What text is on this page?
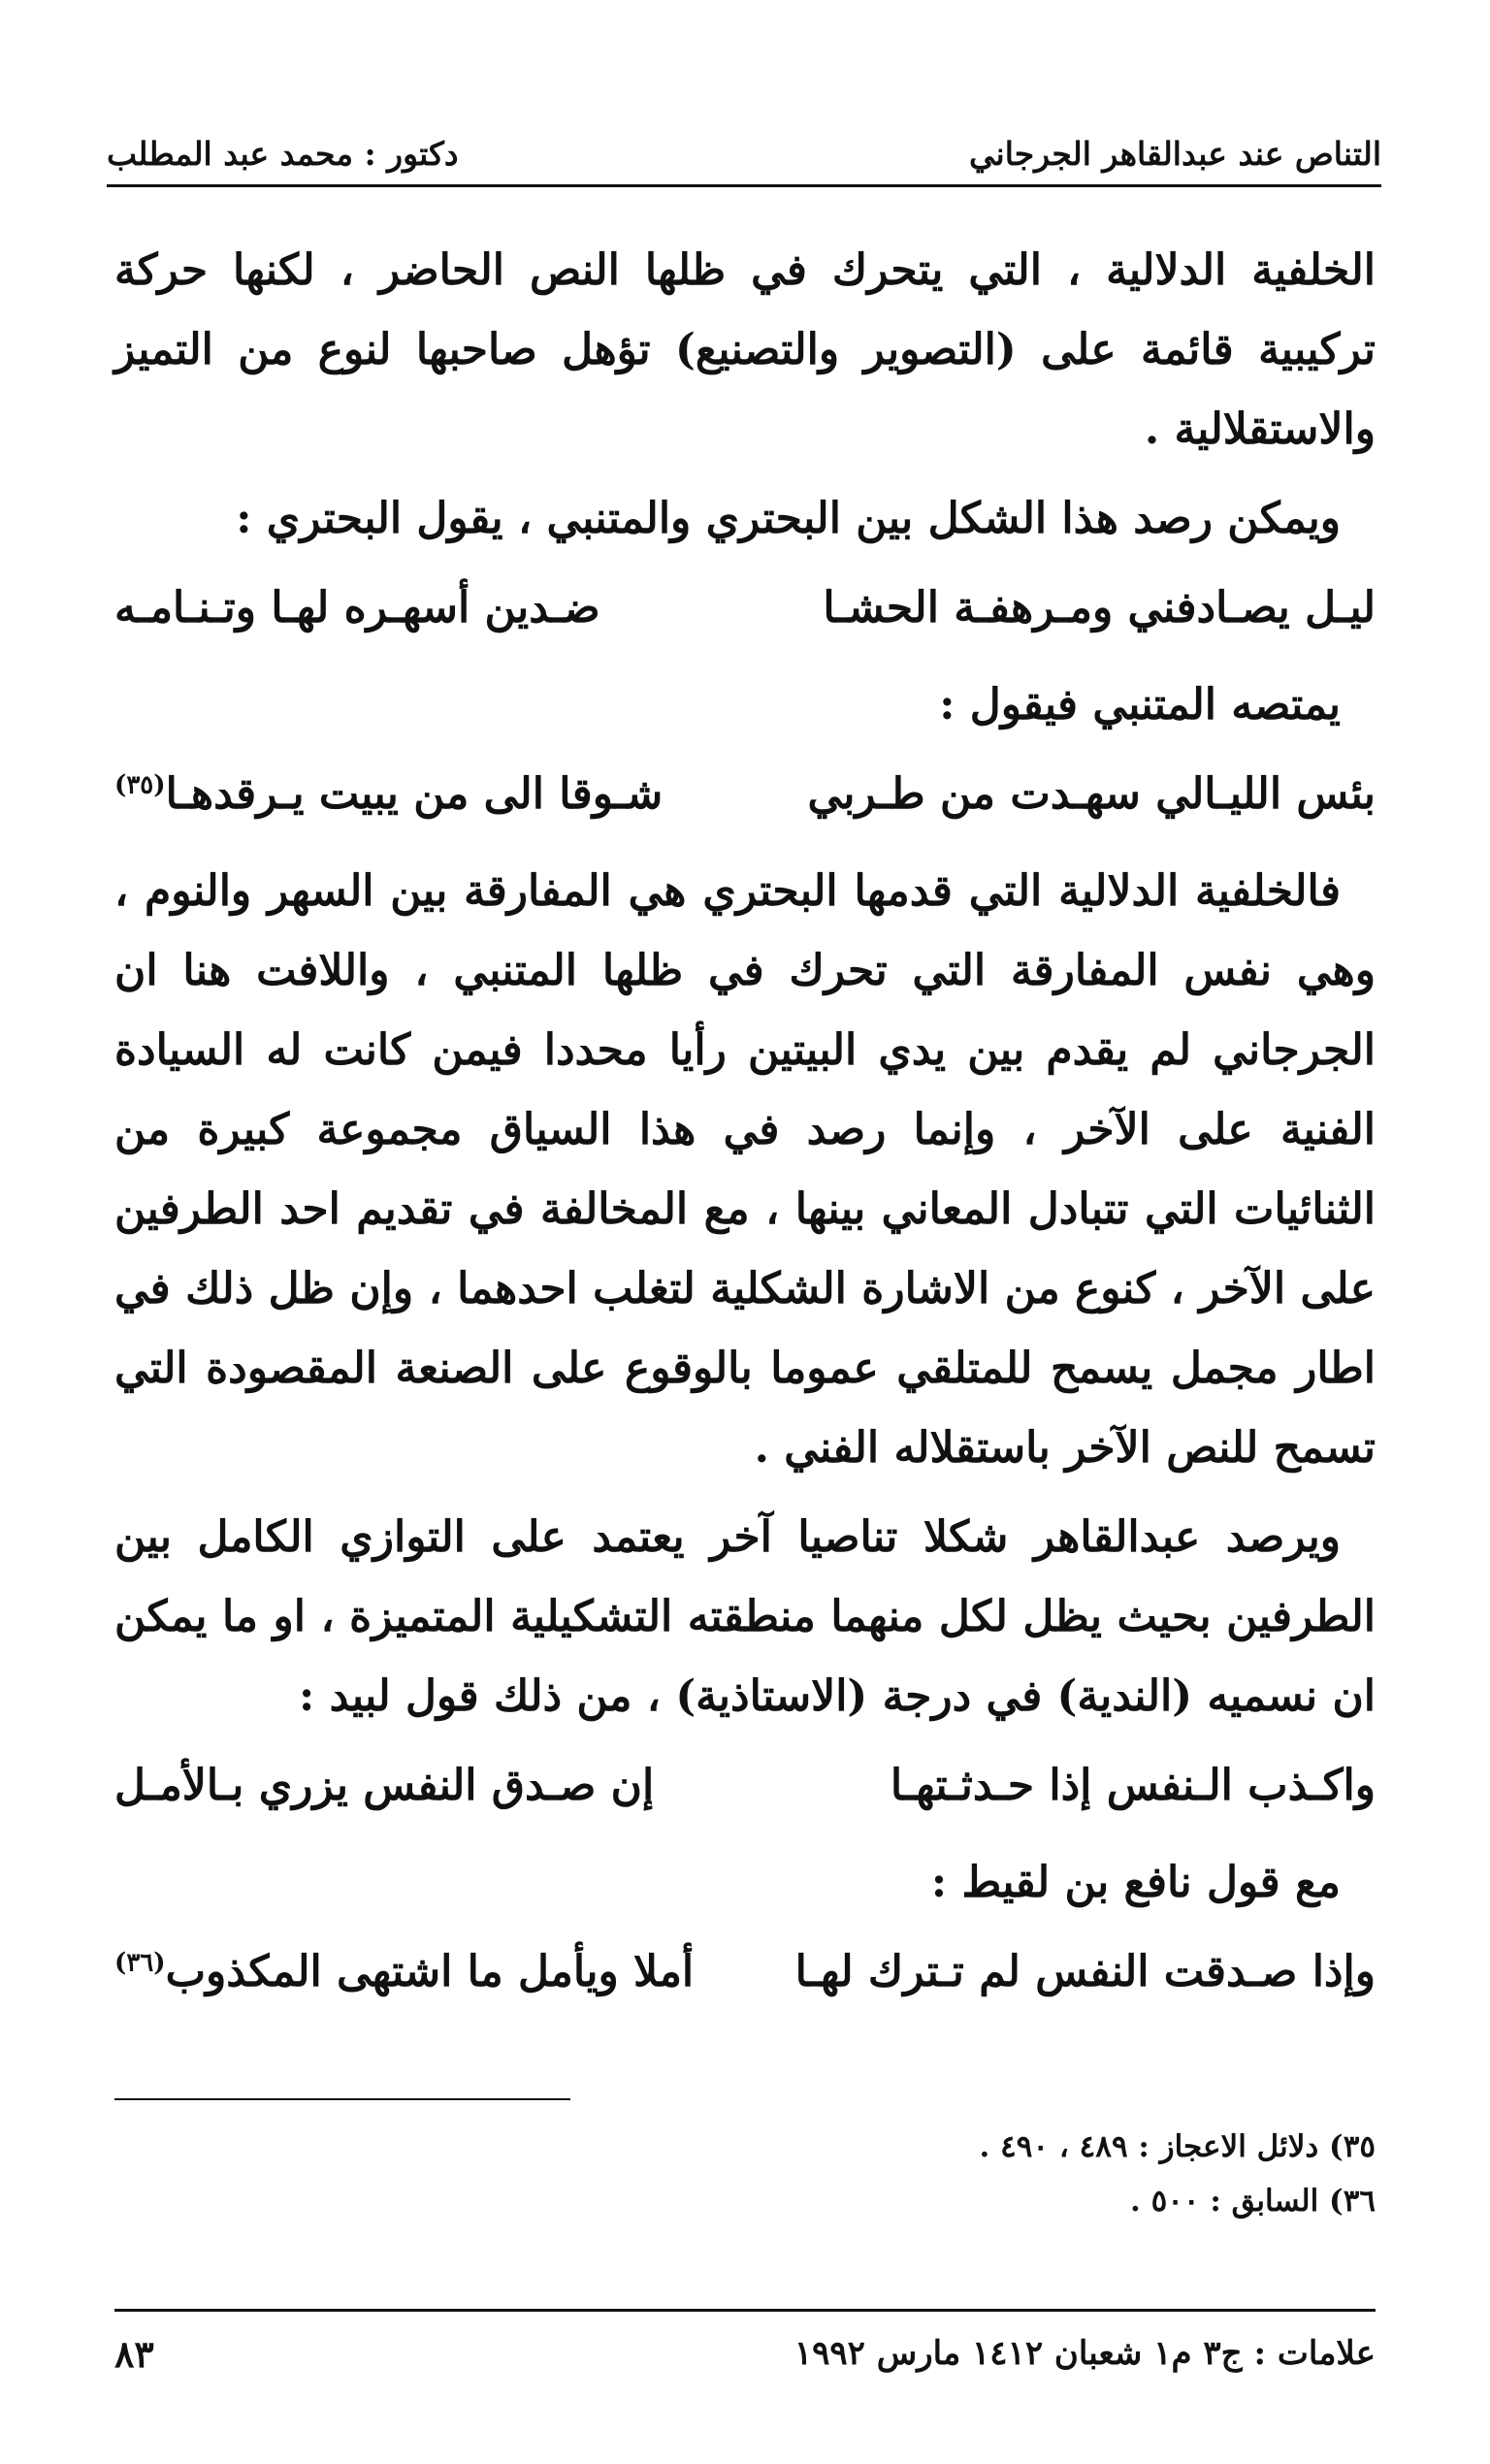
التناص عند عبدالقاهر الجرجاني
دكتور : محمد عبد المطلب

الخلفية الدلالية ، التي يتحرك في ظلها النص الحاضر ، لكنها حركة تركيبية قائمة على (التصوير والتصنيع) تؤهل صاحبها لنوع من التميز والاستقلالية .

ويمكن رصد هذا الشكل بين البحتري والمتنبي ، يقول البحتري :

ليـل يصـادفني ومـرهفـة الحشـا
ضـدين أسهـره لهـا وتـنـامـه

يمتصه المتنبي فيقول :

بئس الليـالي سهـدت من طـربي
شـوقا الى من يبيت يـرقدهـا$^{(٣٥)}$

فالخلفية الدلالية التي قدمها البحتري هي المفارقة بين السهر والنوم ، وهي نفس المفارقة التي تحرك في ظلها المتنبي ، واللافت هنا ان الجرجاني لم يقدم بين يدي البيتين رأيا محددا فيمن كانت له السيادة الفنية على الآخر ، وإنما رصد في هذا السياق مجموعة كبيرة من الثنائيات التي تتبادل المعاني بينها ، مع المخالفة في تقديم احد الطرفين على الآخر ، كنوع من الاشارة الشكلية لتغلب احدهما ، وإن ظل ذلك في اطار مجمل يسمح للمتلقي عموما بالوقوع على الصنعة المقصودة التي تسمح للنص الآخر باستقلاله الفني .

ويرصد عبدالقاهر شكلا تناصيا آخر يعتمد على التوازي الكامل بين الطرفين بحيث يظل لكل منهما منطقته التشكيلية المتميزة ، او ما يمكن ان نسميه (الندية) في درجة (الاستاذية) ، من ذلك قول لبيد :

واكـذب الـنفس إذا حـدثـتهـا
إن صـدق النفس يزري بـالأمـل

مع قول نافع بن لقيط :

وإذا صـدقت النفس لم تـترك لهـا
أملا ويأمل ما اشتهى المكذوب$^{(٣٦)}$
٣٥) دلائل الاعجاز : ٤٨٩ ، ٤٩٠ .
٣٦) السابق : ٥٠٠ .
علامات : ج٣ م١ شعبان ١٤١٢ مارس ١٩٩٢
٨٣
